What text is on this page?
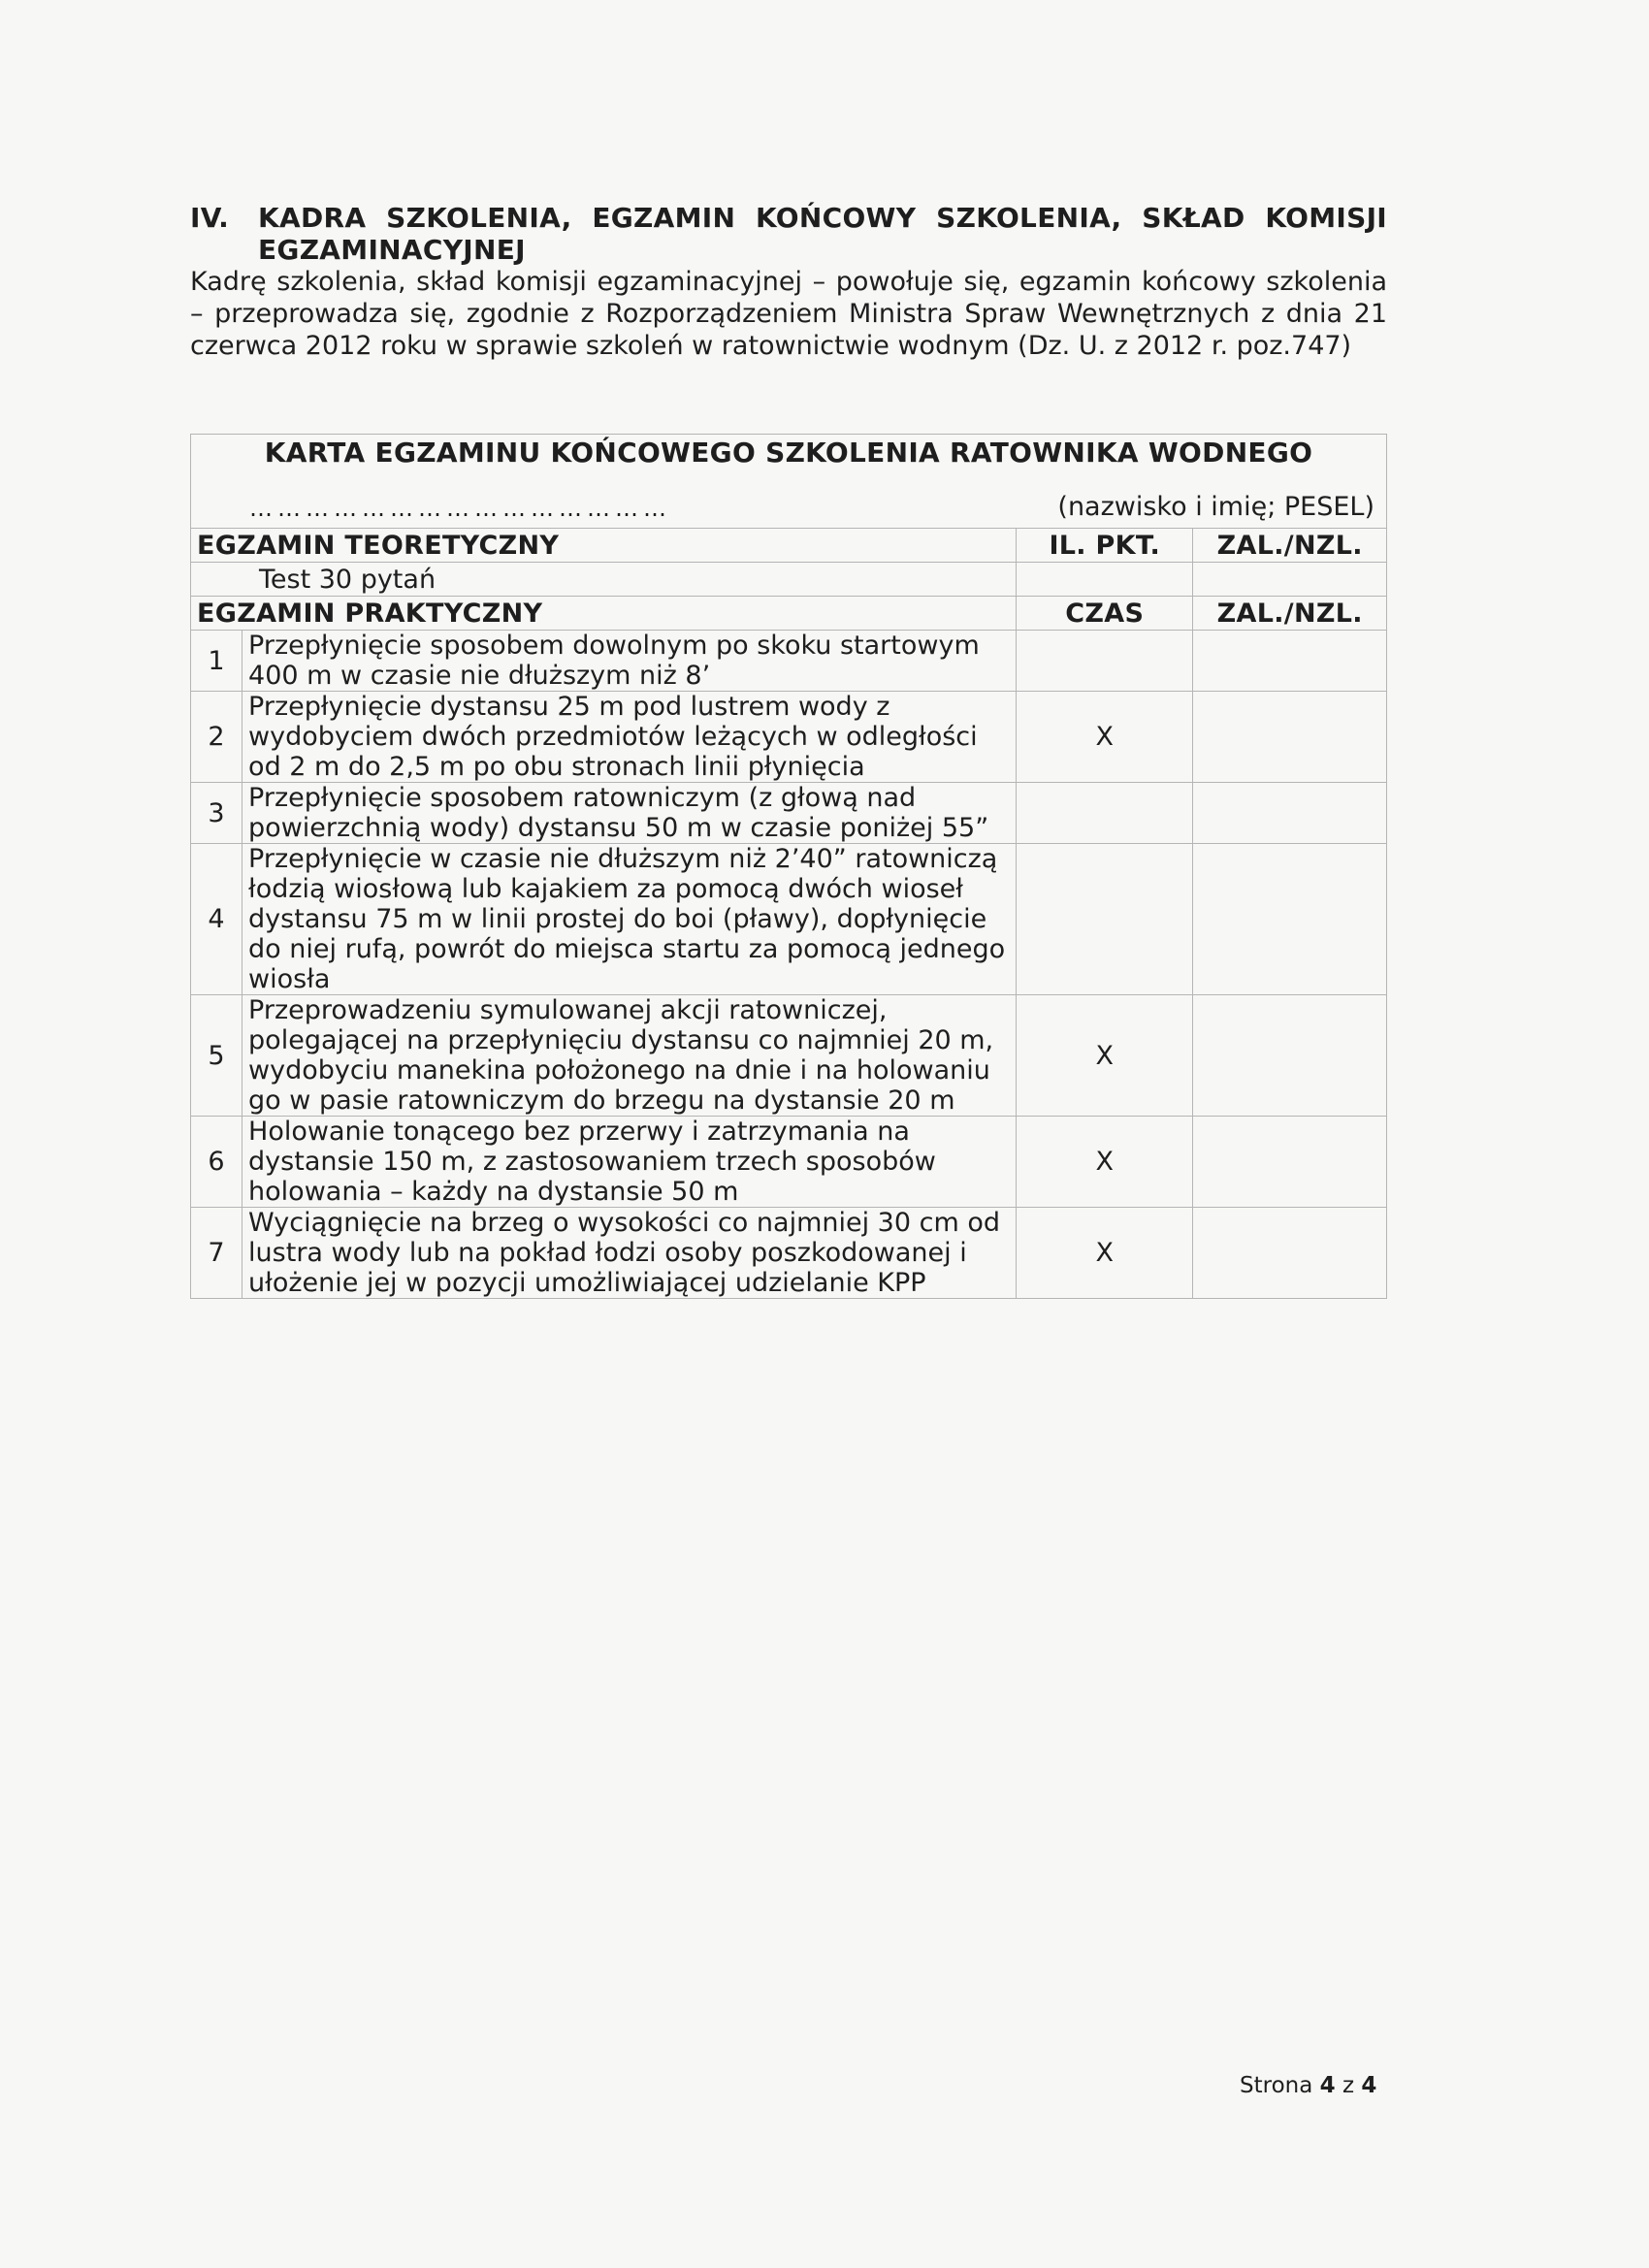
IV.	KADRA SZKOLENIA, EGZAMIN KOŃCOWY SZKOLENIA, SKŁAD KOMISJI EGZAMINACYJNEJ

Kadrę szkolenia, skład komisji egzaminacyjnej – powołuje się, egzamin końcowy szkolenia – przeprowadza się, zgodnie z Rozporządzeniem Ministra Spraw Wewnętrznych z dnia 21 czerwca 2012 roku w sprawie szkoleń w ratownictwie wodnym (Dz. U. z 2012 r. poz.747)

KARTA EGZAMINU KOŃCOWEGO SZKOLENIA RATOWNIKA WODNEGO			

……………………………………… (nazwisko i imię; PESEL)			

EGZAMIN TEORETYCZNY		IL. PKT.	ZAL./NZL.
Test 30 pytań			
EGZAMIN PRAKTYCZNY		CZAS	ZAL./NZL.
1	Przepłynięcie sposobem dowolnym po skoku startowym 400 m w czasie nie dłuższym niż 8’		
2	Przepłynięcie dystansu 25 m pod lustrem wody z wydobyciem dwóch przedmiotów leżących w odległości od 2 m do 2,5 m po obu stronach linii płynięcia	X	
3	Przepłynięcie sposobem ratowniczym (z głową nad powierzchnią wody) dystansu 50 m w czasie poniżej 55”		
4	Przepłynięcie w czasie nie dłuższym niż 2’40” ratowniczą łodzią wiosłową lub kajakiem za pomocą dwóch wioseł dystansu 75 m w linii prostej do boi (pławy), dopłynięcie do niej rufą, powrót do miejsca startu za pomocą jednego wiosła		
5	Przeprowadzeniu symulowanej akcji ratowniczej, polegającej na przepłynięciu dystansu co najmniej 20 m, wydobyciu manekina położonego na dnie i na holowaniu go w pasie ratowniczym do brzegu na dystansie 20 m	X	
6	Holowanie tonącego bez przerwy i zatrzymania na dystansie 150 m, z zastosowaniem trzech sposobów holowania – każdy na dystansie 50 m	X	
7	Wyciągnięcie na brzeg o wysokości co najmniej 30 cm od lustra wody lub na pokład łodzi osoby poszkodowanej i ułożenie jej w pozycji umożliwiającej udzielanie KPP	X	
Strona 4 z 4
